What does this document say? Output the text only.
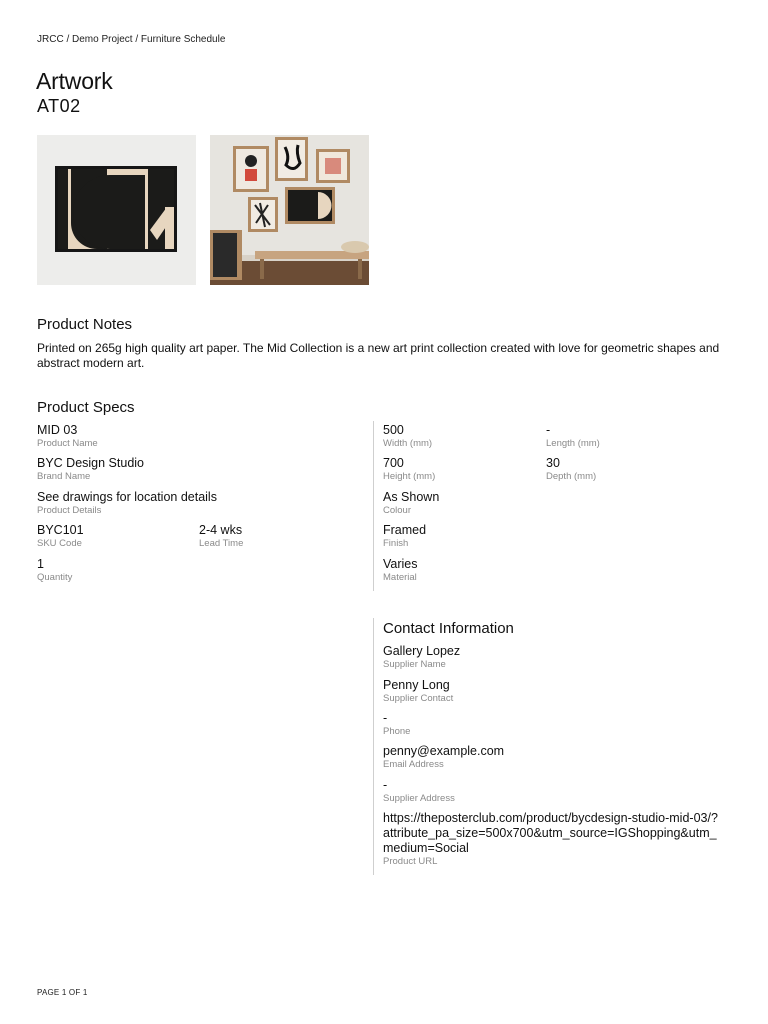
JRCC / Demo Project / Furniture Schedule
Artwork
AT02
Product Notes

Printed on 265g high quality art paper. The Mid Collection is a new art print collection created with love for geometric shapes and abstract modern art.

Product Specs
MID 03
Product Name
BYC Design Studio
Brand Name
See drawings for location details
Product Details
BYC101
SKU Code
2-4 wks
Lead Time
1
Quantity
500
Width (mm)
-
Length (mm)
700
Height (mm)
30
Depth (mm)
As Shown
Colour
Framed
Finish
Varies
Material
Contact Information
Gallery Lopez
Supplier Name
Penny Long
Supplier Contact
-
Phone
penny@example.com
Email Address
-
Supplier Address
https://theposterclub.com/product/bycdesign-studio-mid-03/?attribute_pa_size=500x700&utm_source=IGShopping&utm_medium=Social
Product URL
PAGE 1 OF 1
